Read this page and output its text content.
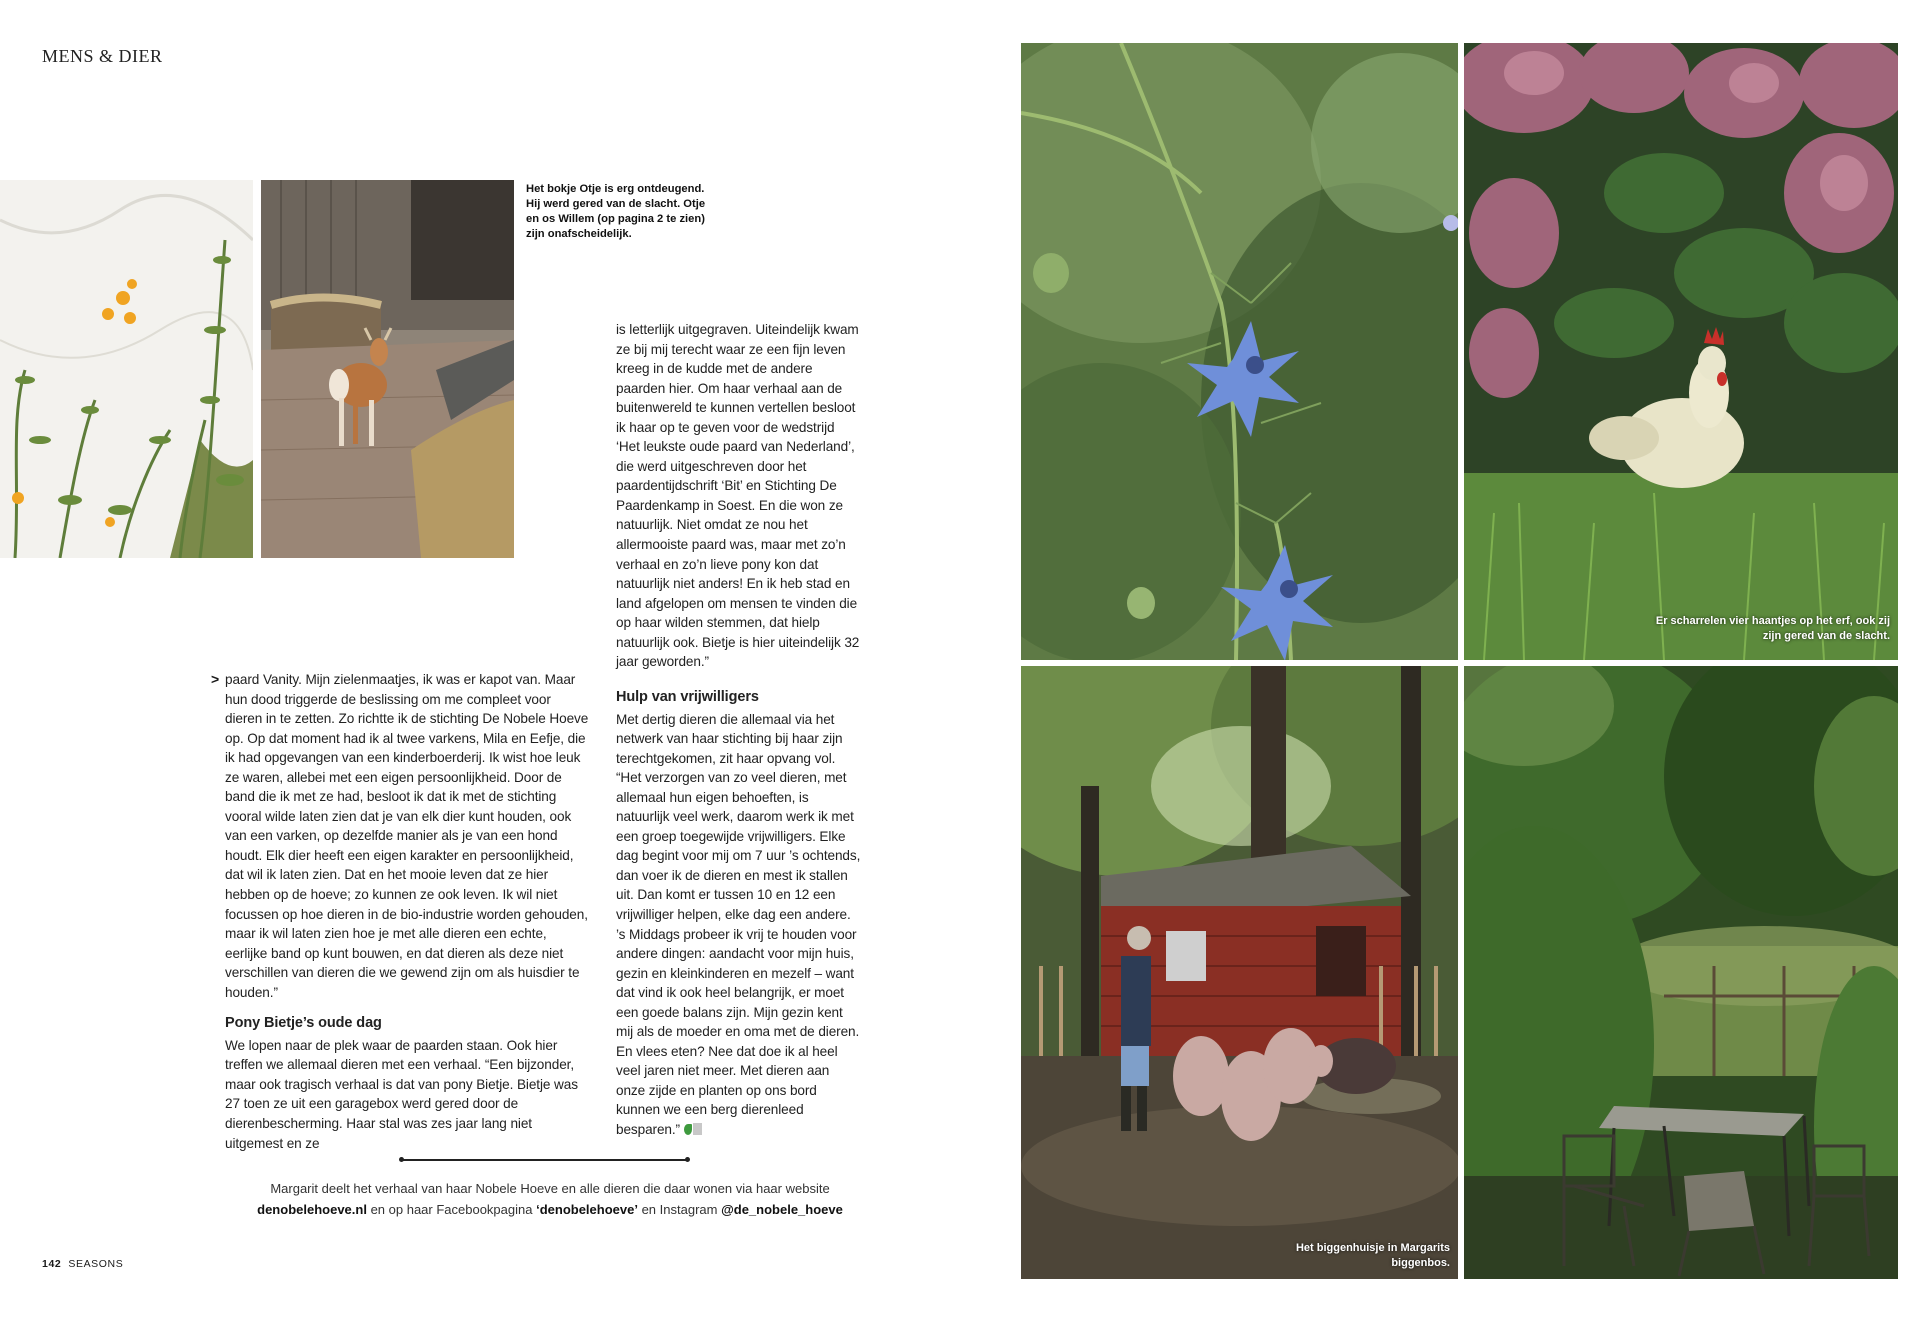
MENS & DIER
Het bokje Otje is erg ontdeugend. Hij werd gered van de slacht. Otje en os Willem (op pagina 2 te zien) zijn onafscheidelijk.

is letterlijk uitgegraven. Uiteindelijk kwam ze bij mij terecht waar ze een fijn leven kreeg in de kudde met de andere paarden hier. Om haar verhaal aan de buitenwereld te kunnen vertellen besloot ik haar op te geven voor de wedstrijd ‘Het leukste oude paard van Nederland’, die werd uitgeschreven door het paardentijdschrift ‘Bit’ en Stichting De Paardenkamp in Soest. En die won ze natuurlijk. Niet omdat ze nou het allermooiste paard was, maar met zo’n verhaal en zo’n lieve pony kon dat natuurlijk niet anders! En ik heb stad en land afgelopen om mensen te vinden die op haar wilden stemmen, dat hielp natuurlijk ook. Bietje is hier uiteindelijk 32 jaar geworden.”

> paard Vanity. Mijn zielenmaatjes, ik was er kapot van. Maar hun dood triggerde de beslissing om me compleet voor dieren in te zetten. Zo richtte ik de stichting De Nobele Hoeve op. Op dat moment had ik al twee varkens, Mila en Eefje, die ik had opgevangen van een kinderboerderij. Ik wist hoe leuk ze waren, allebei met een eigen persoonlijkheid. Door de band die ik met ze had, besloot ik dat ik met de stichting vooral wilde laten zien dat je van elk dier kunt houden, ook van een varken, op dezelfde manier als je van een hond houdt. Elk dier heeft een eigen karakter en persoonlijkheid, dat wil ik laten zien. Dat en het mooie leven dat ze hier hebben op de hoeve; zo kunnen ze ook leven. Ik wil niet focussen op hoe dieren in de bio-industrie worden gehouden, maar ik wil laten zien hoe je met alle dieren een echte, eerlijke band op kunt bouwen, en dat dieren als deze niet verschillen van dieren die we gewend zijn om als huisdier te houden.”

Pony Bietje’s oude dag

We lopen naar de plek waar de paarden staan. Ook hier treffen we allemaal dieren met een verhaal. “Een bijzonder, maar ook tragisch verhaal is dat van pony Bietje. Bietje was 27 toen ze uit een garagebox werd gered door de dierenbescherming. Haar stal was zes jaar lang niet uitgemest en ze

Hulp van vrijwilligers

Met dertig dieren die allemaal via het netwerk van haar stichting bij haar zijn terechtgekomen, zit haar opvang vol. “Het verzorgen van zo veel dieren, met allemaal hun eigen behoeften, is natuurlijk veel werk, daarom werk ik met een groep toegewijde vrijwilligers. Elke dag begint voor mij om 7 uur ’s ochtends, dan voer ik de dieren en mest ik stallen uit. Dan komt er tussen 10 en 12 een vrijwilliger helpen, elke dag een andere. ’s Middags probeer ik vrij te houden voor andere dingen: aandacht voor mijn huis, gezin en kleinkinderen en mezelf – want dat vind ik ook heel belangrijk, er moet een goede balans zijn. Mijn gezin kent mij als de moeder en oma met de dieren. En vlees eten? Nee dat doe ik al heel veel jaren niet meer. Met dieren aan onze zijde en planten op ons bord kunnen we een berg dierenleed besparen.”

Margarit deelt het verhaal van haar Nobele Hoeve en alle dieren die daar wonen via haar website
denobelehoeve.nl en op haar Facebookpagina ‘denobelehoeve’ en Instagram @de_nobele_hoeve
142 SEASONS
Er scharrelen vier haantjes op het erf, ook zij zijn gered van de slacht.
Het biggenhuisje in Margarits biggenbos.
